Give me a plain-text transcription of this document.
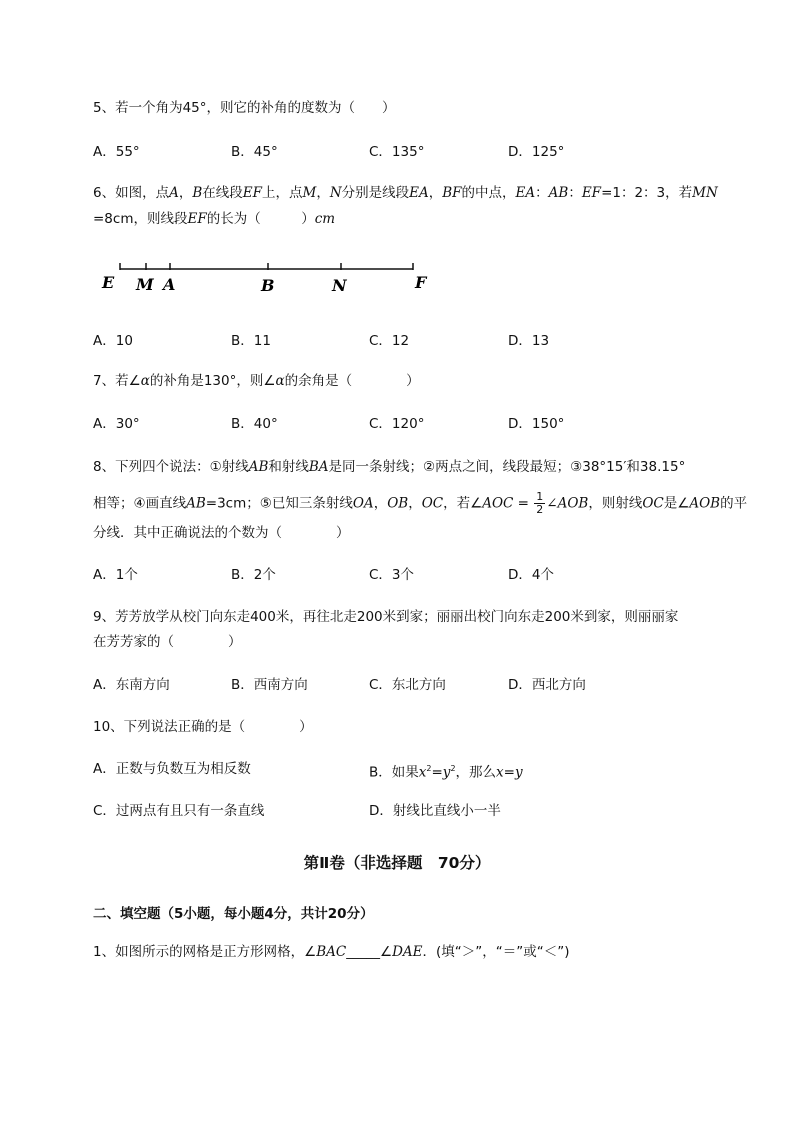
5、若一个角为45°，则它的补角的度数为（　　）
A．55°	B．45°	C．135°	D．125°
6、如图，点A，B在线段EF上，点M，N分别是线段EA，BF的中点，EA：AB：EF=1：2：3，若MN
=8cm，则线段EF的长为（　　　）cm
E M A	B	N	F
A．10	B．11	C．12	D．13
7、若∠α的补角是130°，则∠α的余角是（　　　　）
A．30°	B．40°	C．120°	D．150°
8、下列四个说法：①射线AB和射线BA是同一条射线；②两点之间，线段最短；③38°15′和38.15°
相等；④画直线AB=3cm；⑤已知三条射线OA，OB，OC，若∠AOC = $\frac{1}{2}$ ∠AOB，则射线OC是∠AOB的平
分线．其中正确说法的个数为（　　　　）
A．1个	B．2个	C．3个	D．4个
9、芳芳放学从校门向东走400米，再往北走200米到家；丽丽出校门向东走200米到家，则丽丽家
在芳芳家的（　　　　）
A．东南方向	B．西南方向	C．东北方向	D．西北方向
10、下列说法正确的是（　　　　）
A．正数与负数互为相反数	B．如果$x^2=y^2$，那么x=y
C．过两点有且只有一条直线	D．射线比直线小一半
第Ⅱ卷（非选择题　70分）
二、填空题（5小题，每小题4分，共计20分）
1、如图所示的网格是正方形网格，∠BAC_____∠DAE．(填“＞”，“＝”或“＜”)
